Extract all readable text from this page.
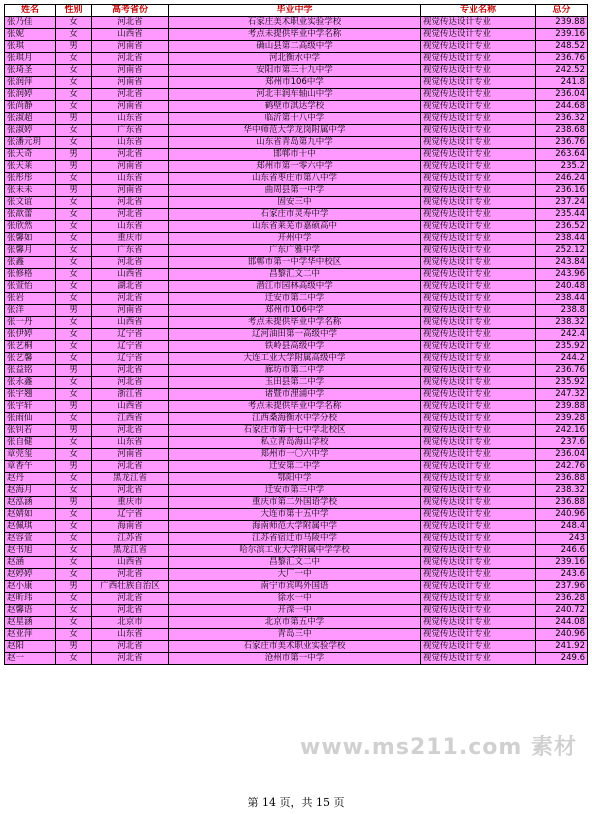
姓名	性别	高考省份	毕业中学	专业名称	总分
张乃佳	女	河北省	石家庄美术职业实验学校	视觉传达设计专业	239.88
张妮	女	山西省	考点未提供毕业中学名称	视觉传达设计专业	239.16
张琪	男	河南省	确山县第二高级中学	视觉传达设计专业	248.52
张琪月	女	河北省	河北衡水中学	视觉传达设计专业	236.76
张琦圣	女	河南省	安阳市第三十九中学	视觉传达设计专业	242.52
张润萍	女	河南省	郑州市106中学	视觉传达设计专业	241.8
张润婷	女	河北省	河北丰润车轴山中学	视觉传达设计专业	236.04
张尚静	女	河南省	鹤壁市淇达学校	视觉传达设计专业	244.68
张淑超	男	山东省	临沂第十八中学	视觉传达设计专业	236.32
张淑婷	女	广东省	华中师范大学龙岗附属中学	视觉传达设计专业	238.68
张潘元玥	女	山东省	山东省青岛第九中学	视觉传达设计专业	236.76
张天奇	男	河北省	邯郸市十中	视觉传达设计专业	263.64
张天莱	男	河南省	郑州市第一零六中学	视觉传达设计专业	235.2
张彤彤	女	山东省	山东省枣庄市第八中学	视觉传达设计专业	246.24
张未未	男	河南省	曲周县第一中学	视觉传达设计专业	236.16
张文谊	女	河北省	固安三中	视觉传达设计专业	237.24
张歆蕾	女	河北省	石家庄市灵寿中学	视觉传达设计专业	235.44
张欣然	女	山东省	山东省莱芜市嘉硕高中	视觉传达设计专业	236.52
张馨如	女	重庆市	开州中学	视觉传达设计专业	238.44
张馨月	女	广东省	广东广雅中学	视觉传达设计专业	252.12
张鑫	女	河北省	邯郸市第一中学华中校区	视觉传达设计专业	243.84
张修格	女	山西省	昌黎汇文二中	视觉传达设计专业	243.96
张萱怡	女	湖北省	潜江市园林高级中学	视觉传达设计专业	240.48
张岩	女	河北省	迁安市第二中学	视觉传达设计专业	238.44
张洋	男	河南省	郑州市106中学	视觉传达设计专业	238.8
张一丹	女	山西省	考点未提供毕业中学名称	视觉传达设计专业	238.32
张伊婷	女	辽宁省	辽河油田第一高级中学	视觉传达设计专业	242.4
张艺桐	女	辽宁省	铁岭县高级中学	视觉传达设计专业	235.92
张艺馨	女	辽宁省	大连工业大学附属高级中学	视觉传达设计专业	244.2
张益铭	男	河北省	廊坊市第二中学	视觉传达设计专业	236.76
张永鑫	女	河北省	玉田县第二中学	视觉传达设计专业	235.92
张宇翘	女	浙江省	诸暨市浬浦中学	视觉传达设计专业	247.32
张宇轩	男	山西省	考点未提供毕业中学名称	视觉传达设计专业	239.88
张雨仙	女	江西省	江西桑海衡水中学分校	视觉传达设计专业	239.28
张钊若	男	河北省	石家庄市第十七中学北校区	视觉传达设计专业	242.16
张自健	女	山东省	私立青岛海山学校	视觉传达设计专业	237.6
章莞玺	女	河南省	郑州市一〇六中学	视觉传达设计专业	236.04
章香午	男	河北省	迁安第二中学	视觉传达设计专业	242.76
赵丹	女	黑龙江省	鄂阳中学	视觉传达设计专业	236.88
赵海月	女	河北省	迁安市第三中学	视觉传达设计专业	238.32
赵泓涵	男	重庆市	重庆市第二外国语学校	视觉传达设计专业	236.88
赵婧如	女	辽宁省	大连市第十五中学	视觉传达设计专业	240.96
赵佩琪	女	海南省	海南师范大学附属中学	视觉传达设计专业	248.4
赵容萱	女	江苏省	江苏省宿迁市马陵中学	视觉传达设计专业	243
赵书旭	女	黑龙江省	哈尔滨工业大学附属中学学校	视觉传达设计专业	246.6
赵涵	女	山西省	昌黎汇文二中	视觉传达设计专业	239.16
赵婷婷	女	河北省	大厂一中	视觉传达设计专业	243.6
赵小康	男	广西壮族自治区	南宁市宾鸣外国语	视觉传达设计专业	237.96
赵昕玮	女	河北省	徐水一中	视觉传达设计专业	236.28
赵馨语	女	河北省	开滦一中	视觉传达设计专业	240.72
赵星涵	女	北京市	北京市第五中学	视觉传达设计专业	244.08
赵亚萍	女	山东省	青岛三中	视觉传达设计专业	240.96
赵阳	男	河北省	石家庄市美术职业实验学校	视觉传达设计专业	241.92
赵一	女	河北省	沧州市第一中学	视觉传达设计专业	249.6
www.ms211.com 素材
第 14 页，共 15 页
